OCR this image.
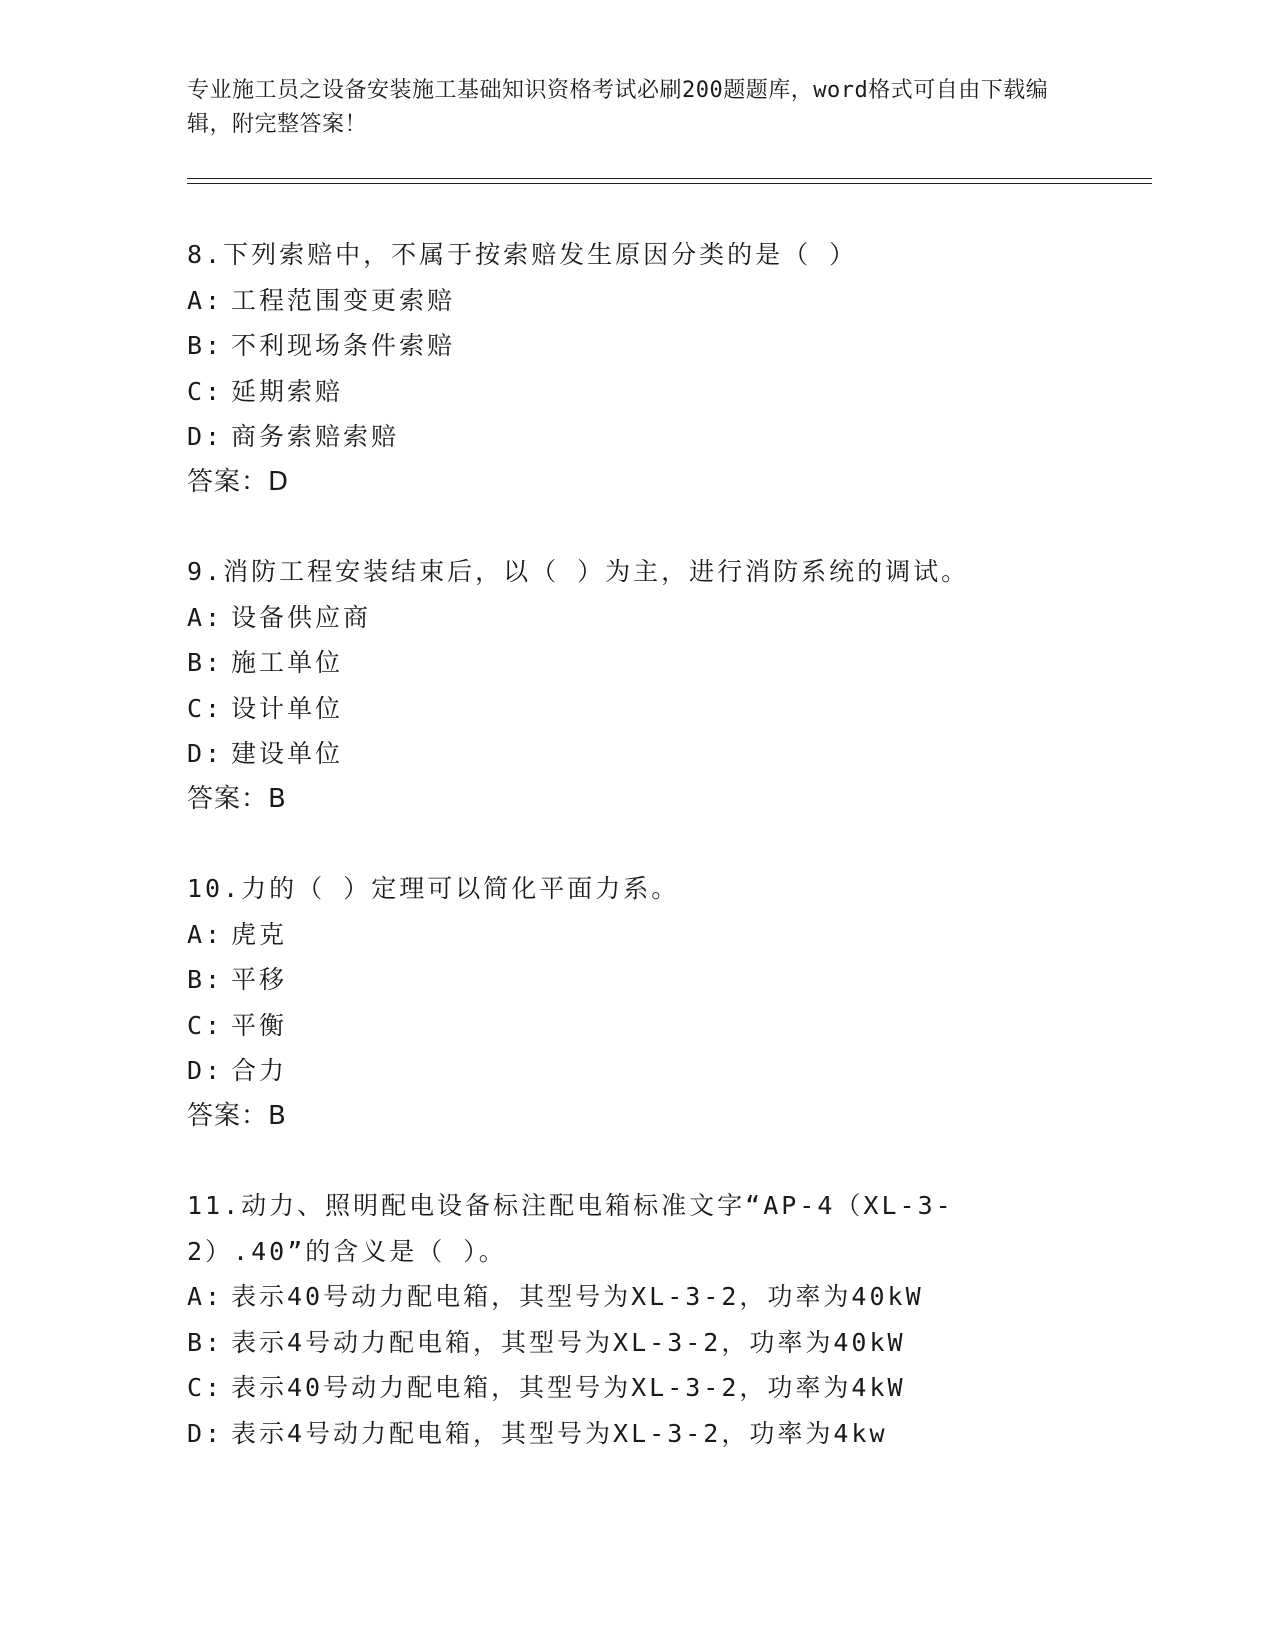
专业施工员之设备安装施工基础知识资格考试必刷200题题库，word格式可自由下载编辑，附完整答案！
8.下列索赔中，不属于按索赔发生原因分类的是（ ）
A: 工程范围变更索赔
B: 不利现场条件索赔
C: 延期索赔
D: 商务索赔索赔
答案：D
9.消防工程安装结束后，以（ ）为主，进行消防系统的调试。
A: 设备供应商
B: 施工单位
C: 设计单位
D: 建设单位
答案：B
10.力的（ ）定理可以简化平面力系。
A: 虎克
B: 平移
C: 平衡
D: 合力
答案：B
11.动力、照明配电设备标注配电箱标准文字“AP-4（XL-3-2）.40”的含义是（ ）。
A: 表示40号动力配电箱，其型号为XL-3-2，功率为40kW
B: 表示4号动力配电箱，其型号为XL-3-2，功率为40kW
C: 表示40号动力配电箱，其型号为XL-3-2，功率为4kW
D: 表示4号动力配电箱，其型号为XL-3-2，功率为4kw
